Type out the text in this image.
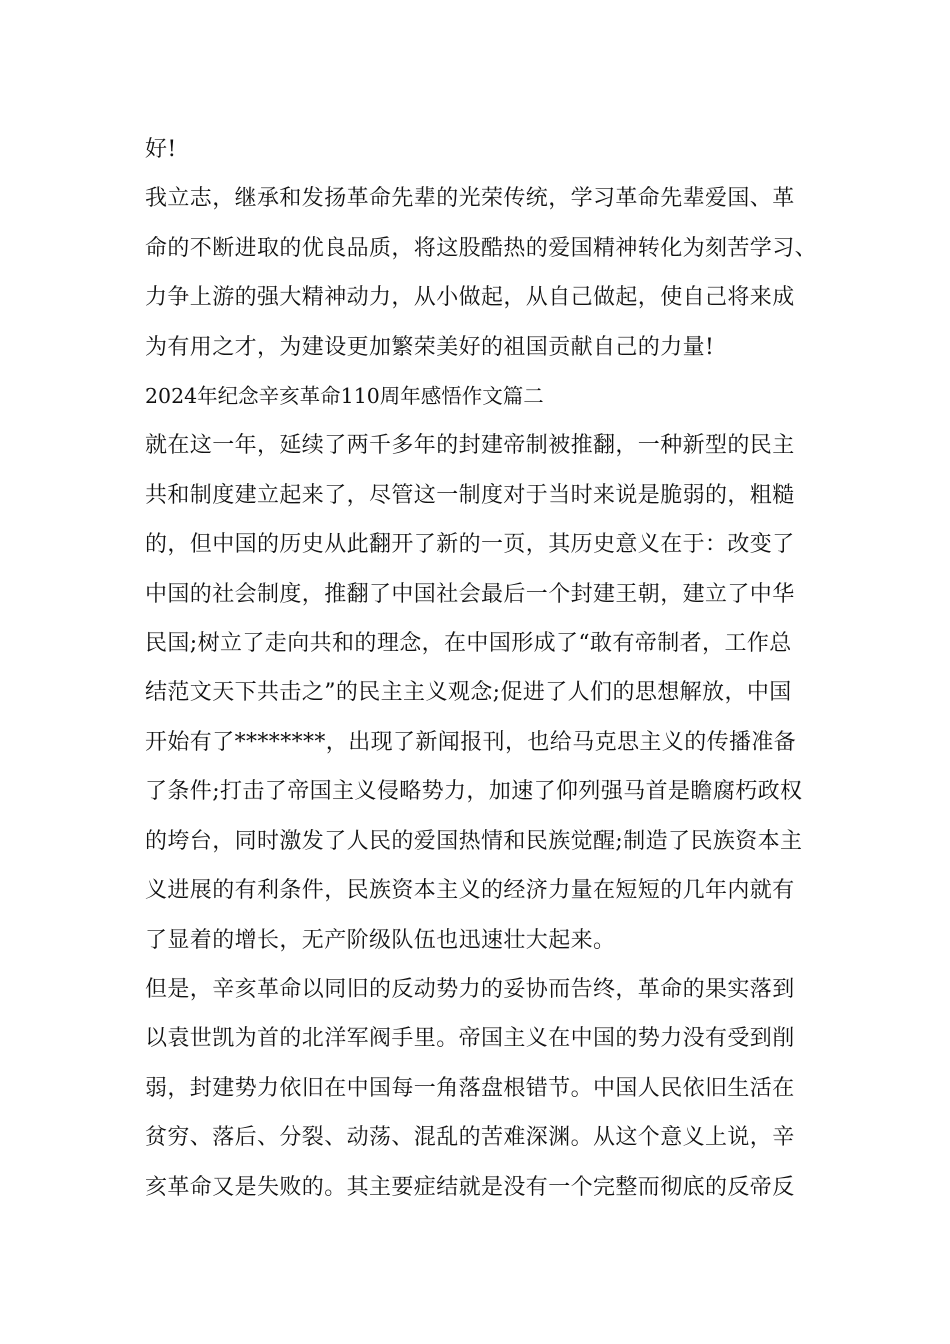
好!

我立志，继承和发扬革命先辈的光荣传统，学习革命先辈爱国、革
命的不断进取的优良品质，将这股酷热的爱国精神转化为刻苦学习、
力争上游的强大精神动力，从小做起，从自己做起，使自己将来成
为有用之才，为建设更加繁荣美好的祖国贡献自己的力量!

2024年纪念辛亥革命110周年感悟作文篇二

就在这一年，延续了两千多年的封建帝制被推翻，一种新型的民主
共和制度建立起来了，尽管这一制度对于当时来说是脆弱的，粗糙
的，但中国的历史从此翻开了新的一页，其历史意义在于：改变了
中国的社会制度，推翻了中国社会最后一个封建王朝，建立了中华
民国;树立了走向共和的理念，在中国形成了“敢有帝制者，工作总
结范文天下共击之”的民主主义观念;促进了人们的思想解放，中国
开始有了********，出现了新闻报刊，也给马克思主义的传播准备
了条件;打击了帝国主义侵略势力，加速了仰列强马首是瞻腐朽政权
的垮台，同时激发了人民的爱国热情和民族觉醒;制造了民族资本主
义进展的有利条件，民族资本主义的经济力量在短短的几年内就有
了显着的增长，无产阶级队伍也迅速壮大起来。

但是，辛亥革命以同旧的反动势力的妥协而告终，革命的果实落到
以袁世凯为首的北洋军阀手里。帝国主义在中国的势力没有受到削
弱，封建势力依旧在中国每一角落盘根错节。中国人民依旧生活在
贫穷、落后、分裂、动荡、混乱的苦难深渊。从这个意义上说，辛
亥革命又是失败的。其主要症结就是没有一个完整而彻底的反帝反
